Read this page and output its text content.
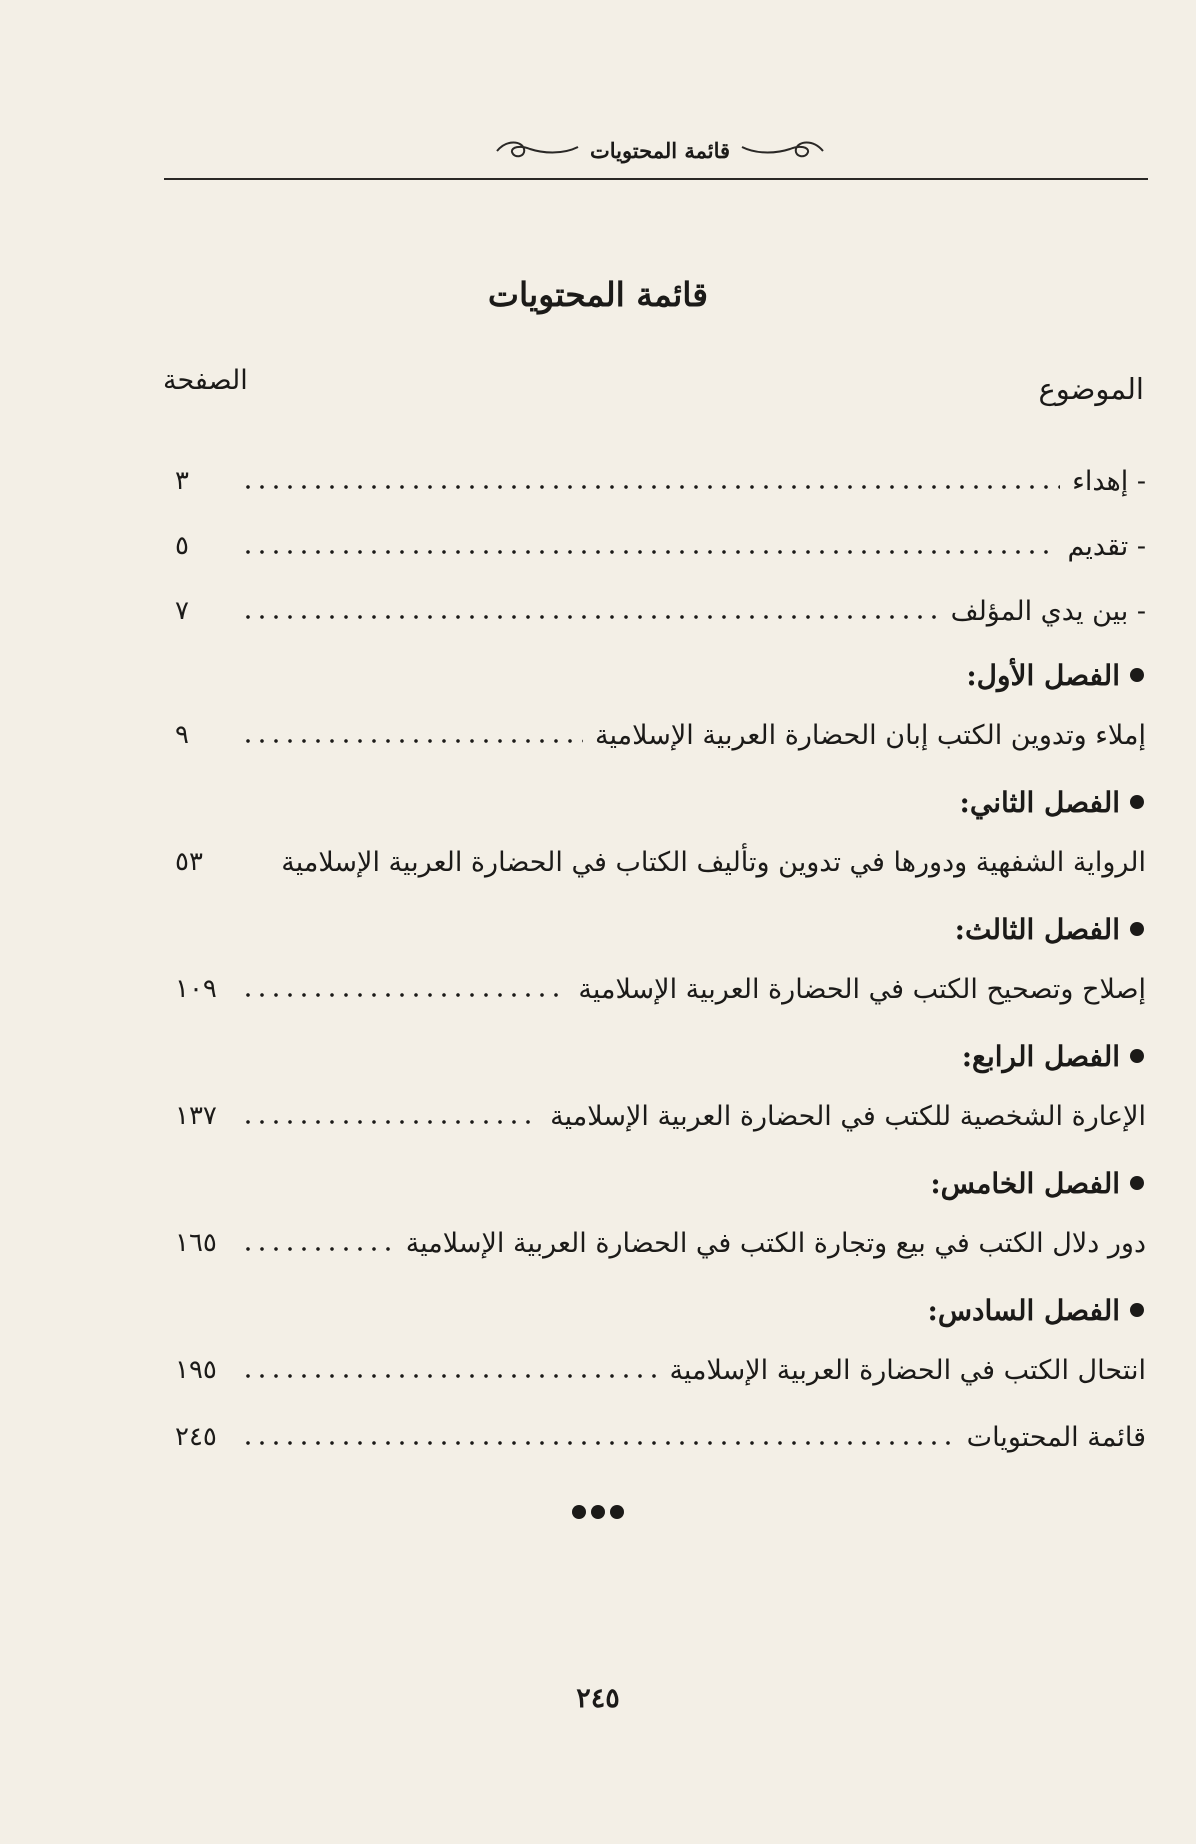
قائمة المحتويات
قائمة المحتويات
الموضوع
الصفحة
- إهداء
٣
- تقديم
٥
- بين يدي المؤلف
٧
الفصل الأول:
إملاء وتدوين الكتب إبان الحضارة العربية الإسلامية
٩
الفصل الثاني:
الرواية الشفهية ودورها في تدوين وتأليف الكتاب في الحضارة العربية الإسلامية
٥٣
الفصل الثالث:
إصلاح وتصحيح الكتب في الحضارة العربية الإسلامية
١٠٩
الفصل الرابع:
الإعارة الشخصية للكتب في الحضارة العربية الإسلامية
١٣٧
الفصل الخامس:
دور دلال الكتب في بيع وتجارة الكتب في الحضارة العربية الإسلامية
١٦٥
الفصل السادس:
انتحال الكتب في الحضارة العربية الإسلامية
١٩٥
قائمة المحتويات
٢٤٥
٢٤٥
